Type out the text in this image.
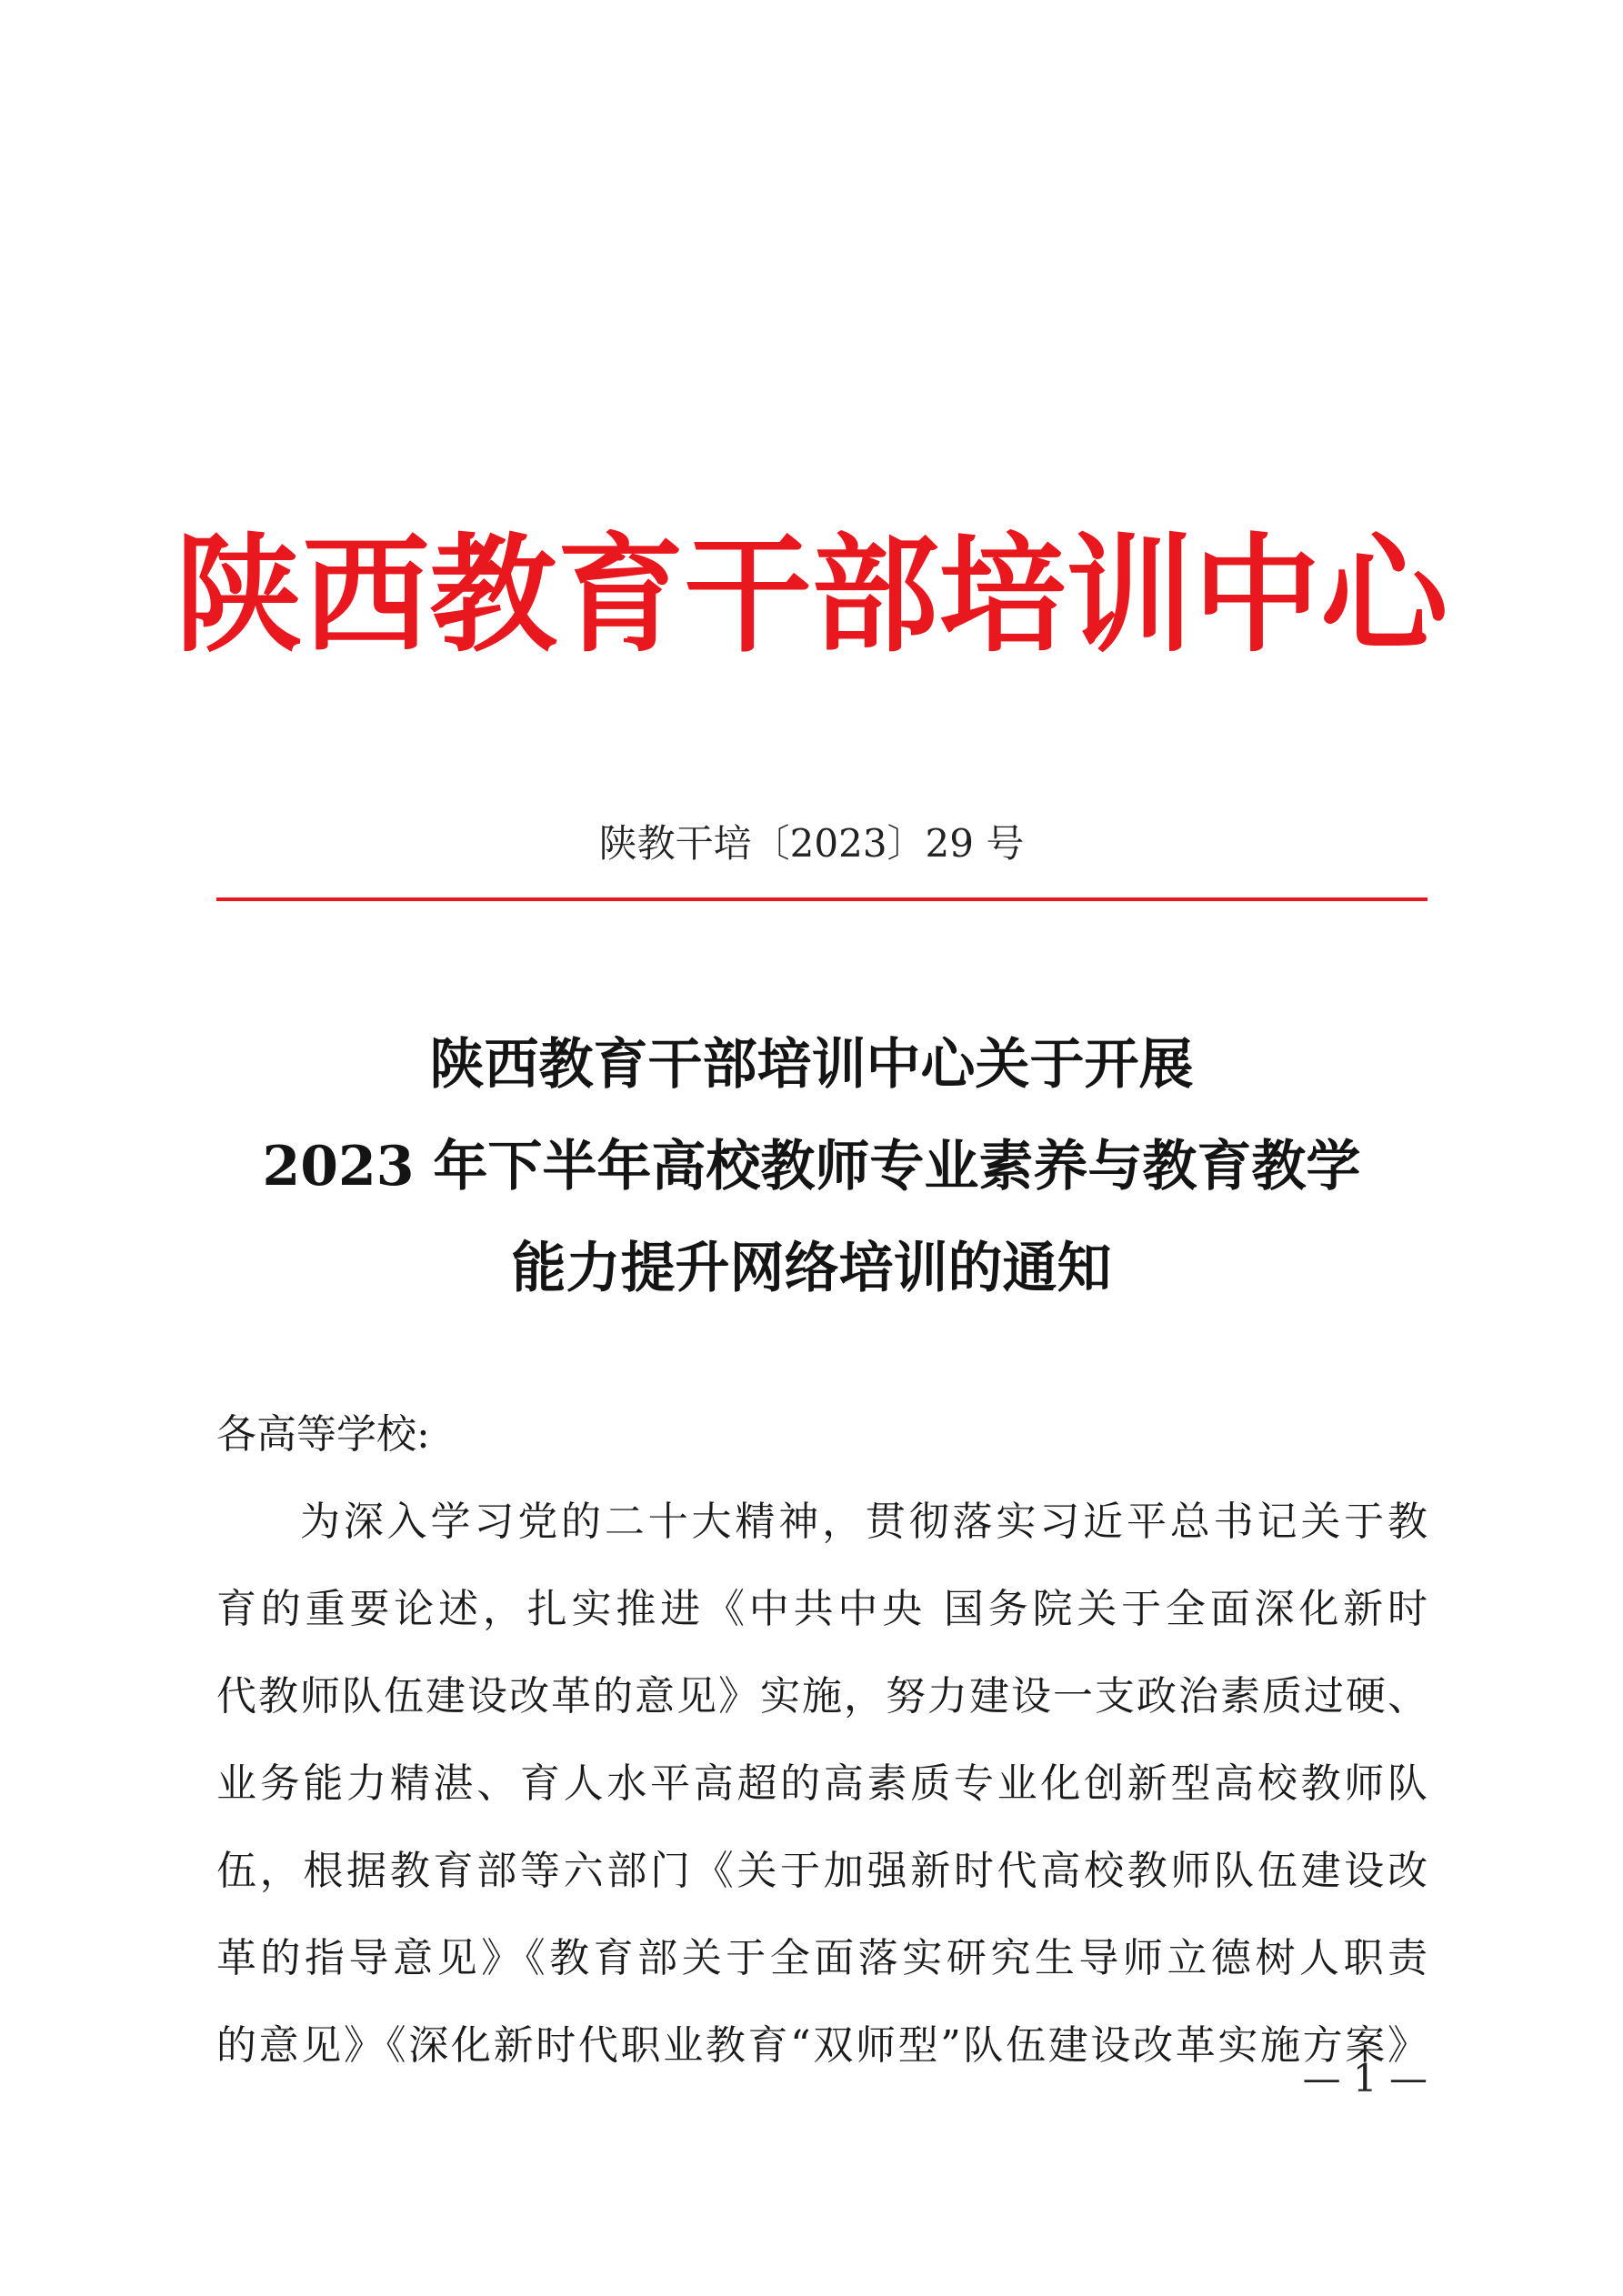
陕西教育干部培训中心
陕教干培〔2023〕29 号
陕西教育干部培训中心关于开展
2023 年下半年高校教师专业素养与教育教学
能力提升网络培训的通知
各高等学校:
为深入学习党的二十大精神，贯彻落实习近平总书记关于教
育的重要论述，扎实推进《中共中央 国务院关于全面深化新时
代教师队伍建设改革的意见》实施，努力建设一支政治素质过硬、
业务能力精湛、育人水平高超的高素质专业化创新型高校教师队
伍，根据教育部等六部门《关于加强新时代高校教师队伍建设改
革的指导意见》《教育部关于全面落实研究生导师立德树人职责
的意见》《深化新时代职业教育“双师型”队伍建设改革实施方案》
— 1 —
